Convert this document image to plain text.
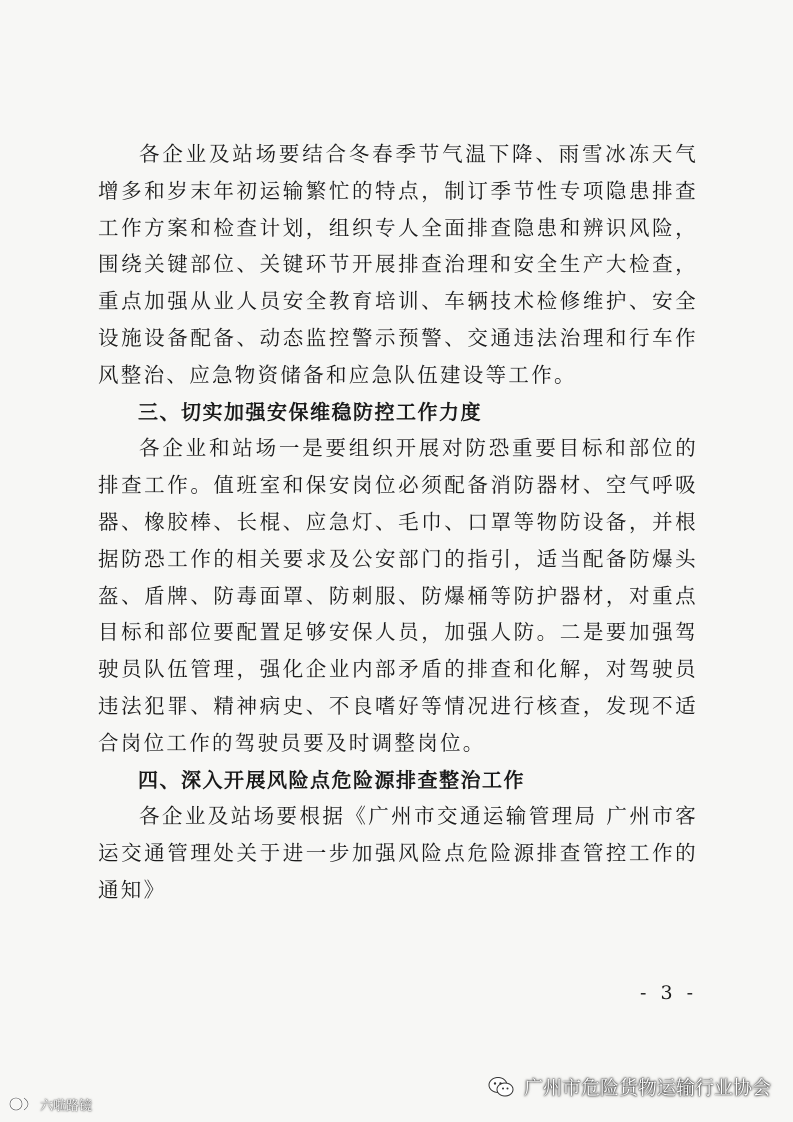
各企业及站场要结合冬春季节气温下降、雨雪冰冻天气增多和岁末年初运输繁忙的特点，制订季节性专项隐患排查工作方案和检查计划，组织专人全面排查隐患和辨识风险，围绕关键部位、关键环节开展排查治理和安全生产大检查，重点加强从业人员安全教育培训、车辆技术检修维护、安全设施设备配备、动态监控警示预警、交通违法治理和行车作风整治、应急物资储备和应急队伍建设等工作。

三、切实加强安保维稳防控工作力度

各企业和站场一是要组织开展对防恐重要目标和部位的排查工作。值班室和保安岗位必须配备消防器材、空气呼吸器、橡胶棒、长棍、应急灯、毛巾、口罩等物防设备，并根据防恐工作的相关要求及公安部门的指引，适当配备防爆头盔、盾牌、防毒面罩、防刺服、防爆桶等防护器材，对重点目标和部位要配置足够安保人员，加强人防。二是要加强驾驶员队伍管理，强化企业内部矛盾的排查和化解，对驾驶员违法犯罪、精神病史、不良嗜好等情况进行核查，发现不适合岗位工作的驾驶员要及时调整岗位。

四、深入开展风险点危险源排查整治工作

各企业及站场要根据《广州市交通运输管理局 广州市客运交通管理处关于进一步加强风险点危险源排查管控工作的通知》

- 3 -
广州市危险货物运输行业协会
六啦路镜
